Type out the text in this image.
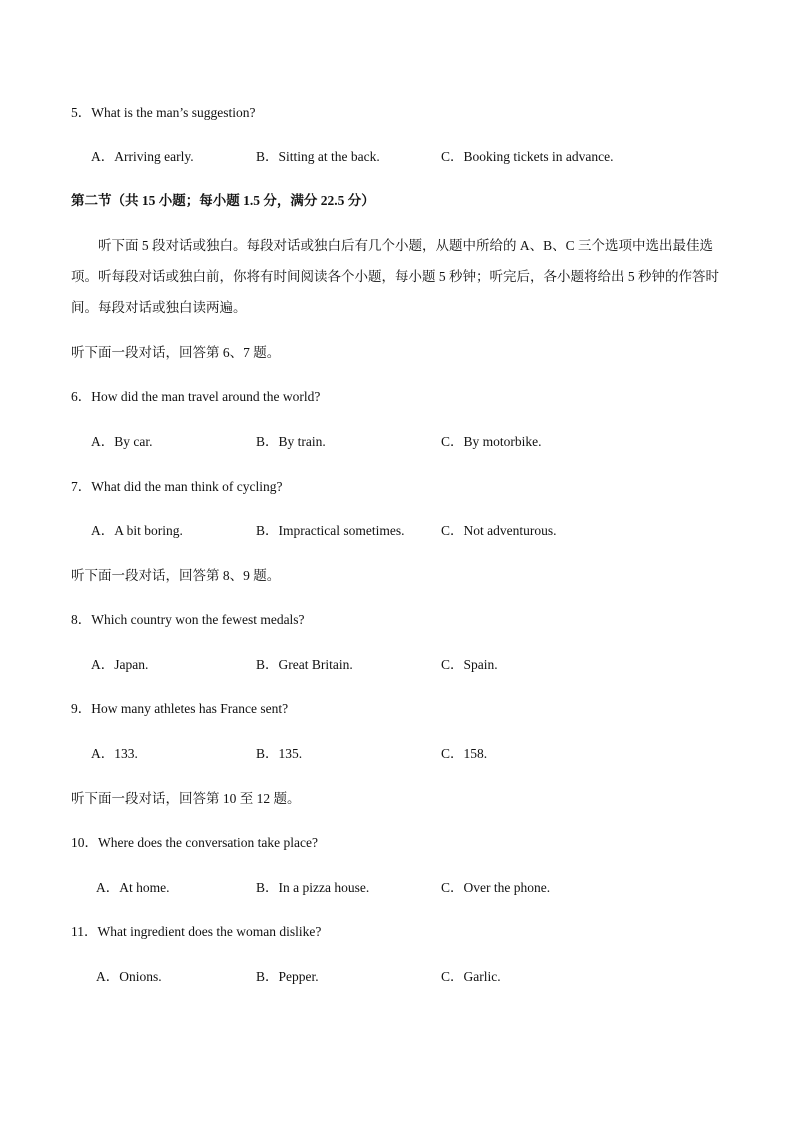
5．What is the man’s suggestion?
A．Arriving early.	B．Sitting at the back.	C．Booking tickets in advance.
第二节（共 15 小题；每小题 1.5 分，满分 22.5 分）
听下面 5 段对话或独白。每段对话或独白后有几个小题，从题中所给的 A、B、C 三个选项中选出最佳选项。听每段对话或独白前，你将有时间阅读各个小题，每小题 5 秒钟；听完后，各小题将给出 5 秒钟的作答时间。每段对话或独白读两遍。
听下面一段对话，回答第 6、7 题。
6．How did the man travel around the world?
A．By car.	B．By train.	C．By motorbike.
7．What did the man think of cycling?
A．A bit boring.	B．Impractical sometimes.	C．Not adventurous.
听下面一段对话，回答第 8、9 题。
8．Which country won the fewest medals?
A．Japan.	B．Great Britain.	C．Spain.
9．How many athletes has France sent?
A．133.	B．135.	C．158.
听下面一段对话，回答第 10 至 12 题。
10．Where does the conversation take place?
A．At home.	B．In a pizza house.	C．Over the phone.
11．What ingredient does the woman dislike?
A．Onions.	B．Pepper.	C．Garlic.
